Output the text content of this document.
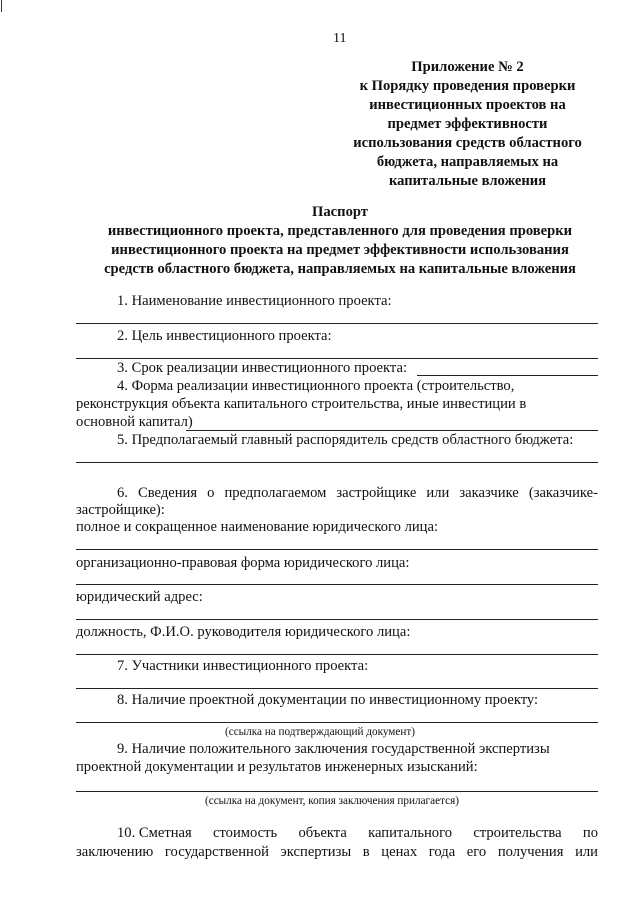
11
Приложение № 2
к Порядку проведения проверки
инвестиционных проектов на
предмет эффективности
использования средств областного
бюджета, направляемых на
капитальные вложения
Паспорт
инвестиционного проекта, представленного для проведения проверки
инвестиционного проекта на предмет эффективности использования
средств областного бюджета, направляемых на капитальные вложения
1. Наименование инвестиционного проекта:
2. Цель инвестиционного проекта:
3. Срок реализации инвестиционного проекта:
4. Форма реализации инвестиционного проекта (строительство,
реконструкция объекта капитального строительства, иные инвестиции в
основной капитал)
5. Предполагаемый главный распорядитель средств областного бюджета:
6. Сведения о предполагаемом застройщике или заказчике (заказчике-
застройщике):
полное и сокращенное наименование юридического лица:
организационно-правовая форма юридического лица:
юридический адрес:
должность, Ф.И.О. руководителя юридического лица:
7. Участники инвестиционного проекта:
8. Наличие проектной документации по инвестиционному проекту:
(ссылка на подтверждающий документ)
9. Наличие положительного заключения государственной экспертизы
проектной документации и результатов инженерных изысканий:
(ссылка на документ, копия заключения прилагается)
10. Сметная стоимость объекта капитального строительства по
заключению государственной экспертизы в ценах года его получения или
